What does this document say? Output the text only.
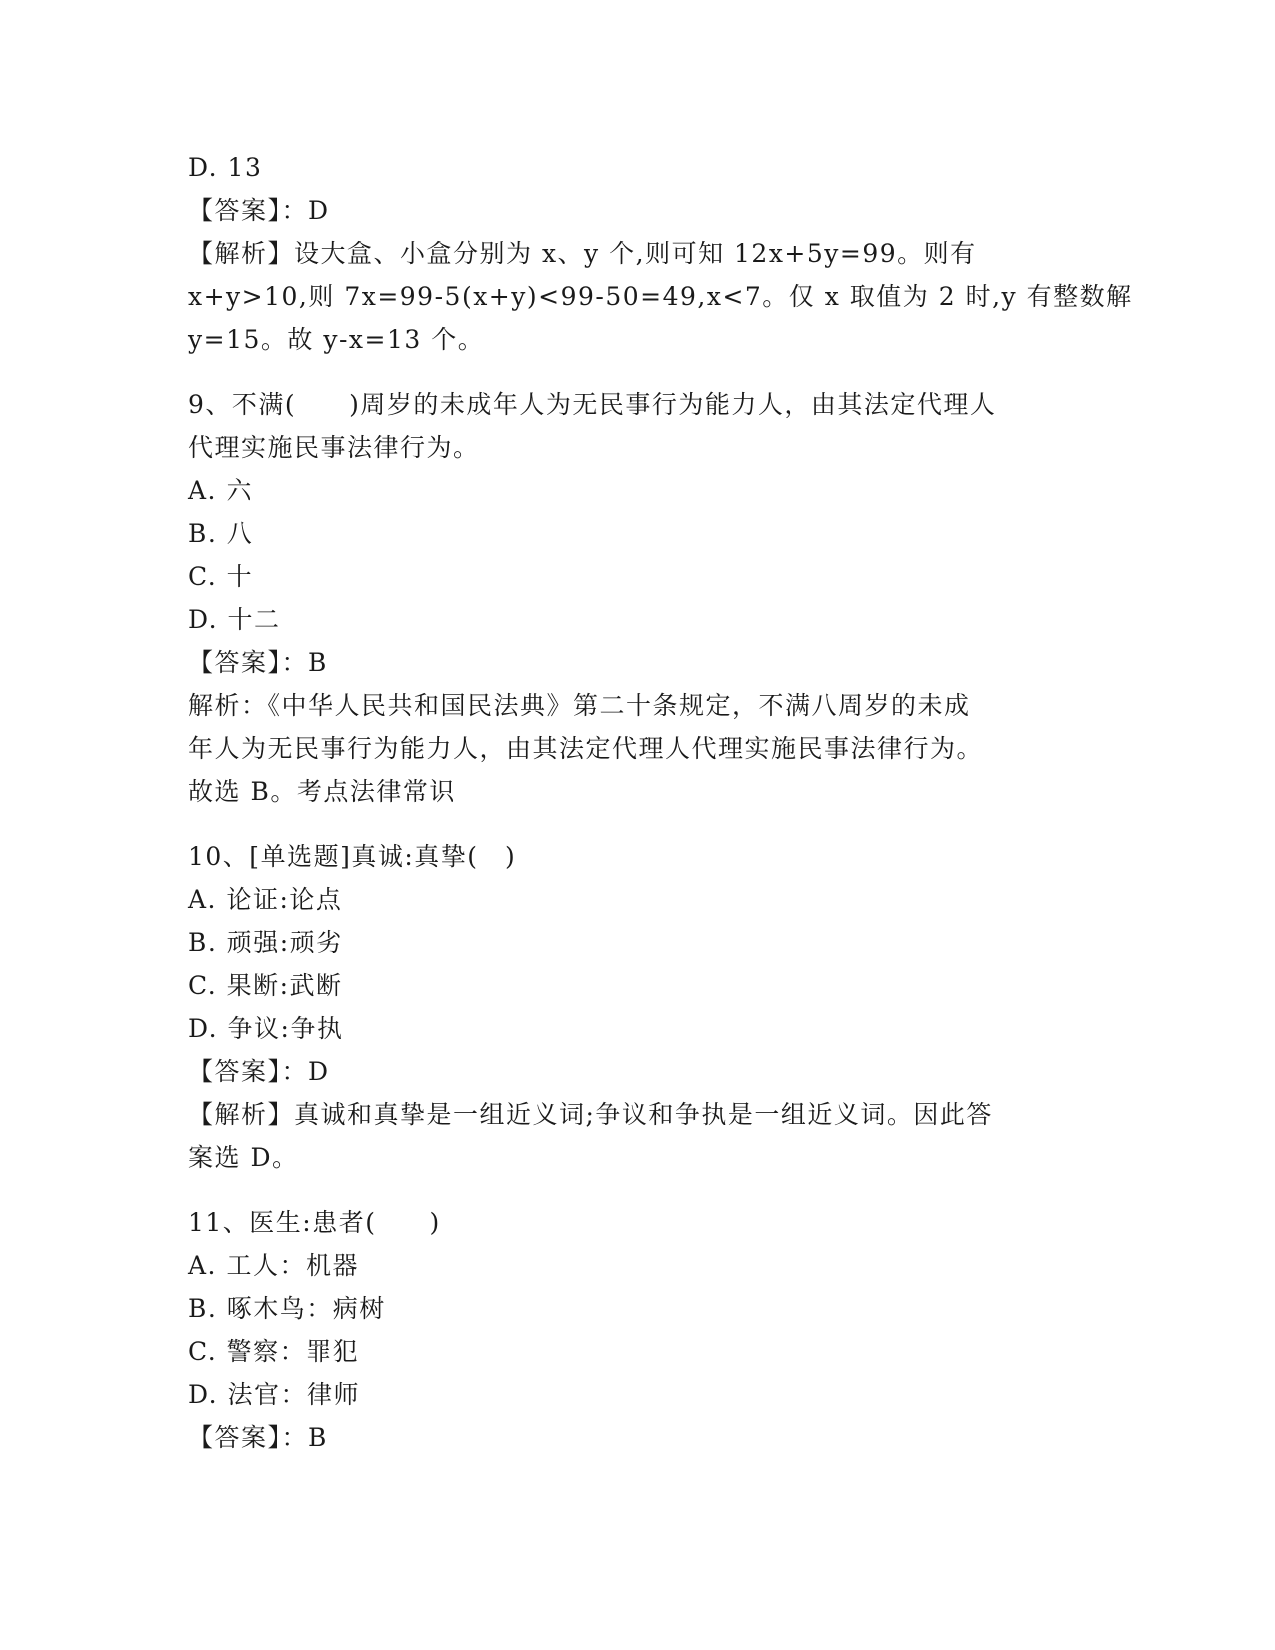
D. 13
【答案】：D
【解析】设大盒、小盒分别为 x、y 个,则可知 12x+5y=99。则有
x+y>10,则 7x=99-5(x+y)<99-50=49,x<7。仅 x 取值为 2 时,y 有整数解
y=15。故 y-x=13 个。
9、不满(　　)周岁的未成年人为无民事行为能力人，由其法定代理人
代理实施民事法律行为。
A. 六
B. 八
C. 十
D. 十二
【答案】：B
解析：《中华人民共和国民法典》第二十条规定，不满八周岁的未成
年人为无民事行为能力人，由其法定代理人代理实施民事法律行为。
故选 B。考点法律常识
10、[单选题]真诚:真挚(　)
A. 论证:论点
B. 顽强:顽劣
C. 果断:武断
D. 争议:争执
【答案】：D
【解析】真诚和真挚是一组近义词;争议和争执是一组近义词。因此答
案选 D。
11、医生:患者(　　)
A. 工人：机器
B. 啄木鸟：病树
C. 警察：罪犯
D. 法官：律师
【答案】：B
